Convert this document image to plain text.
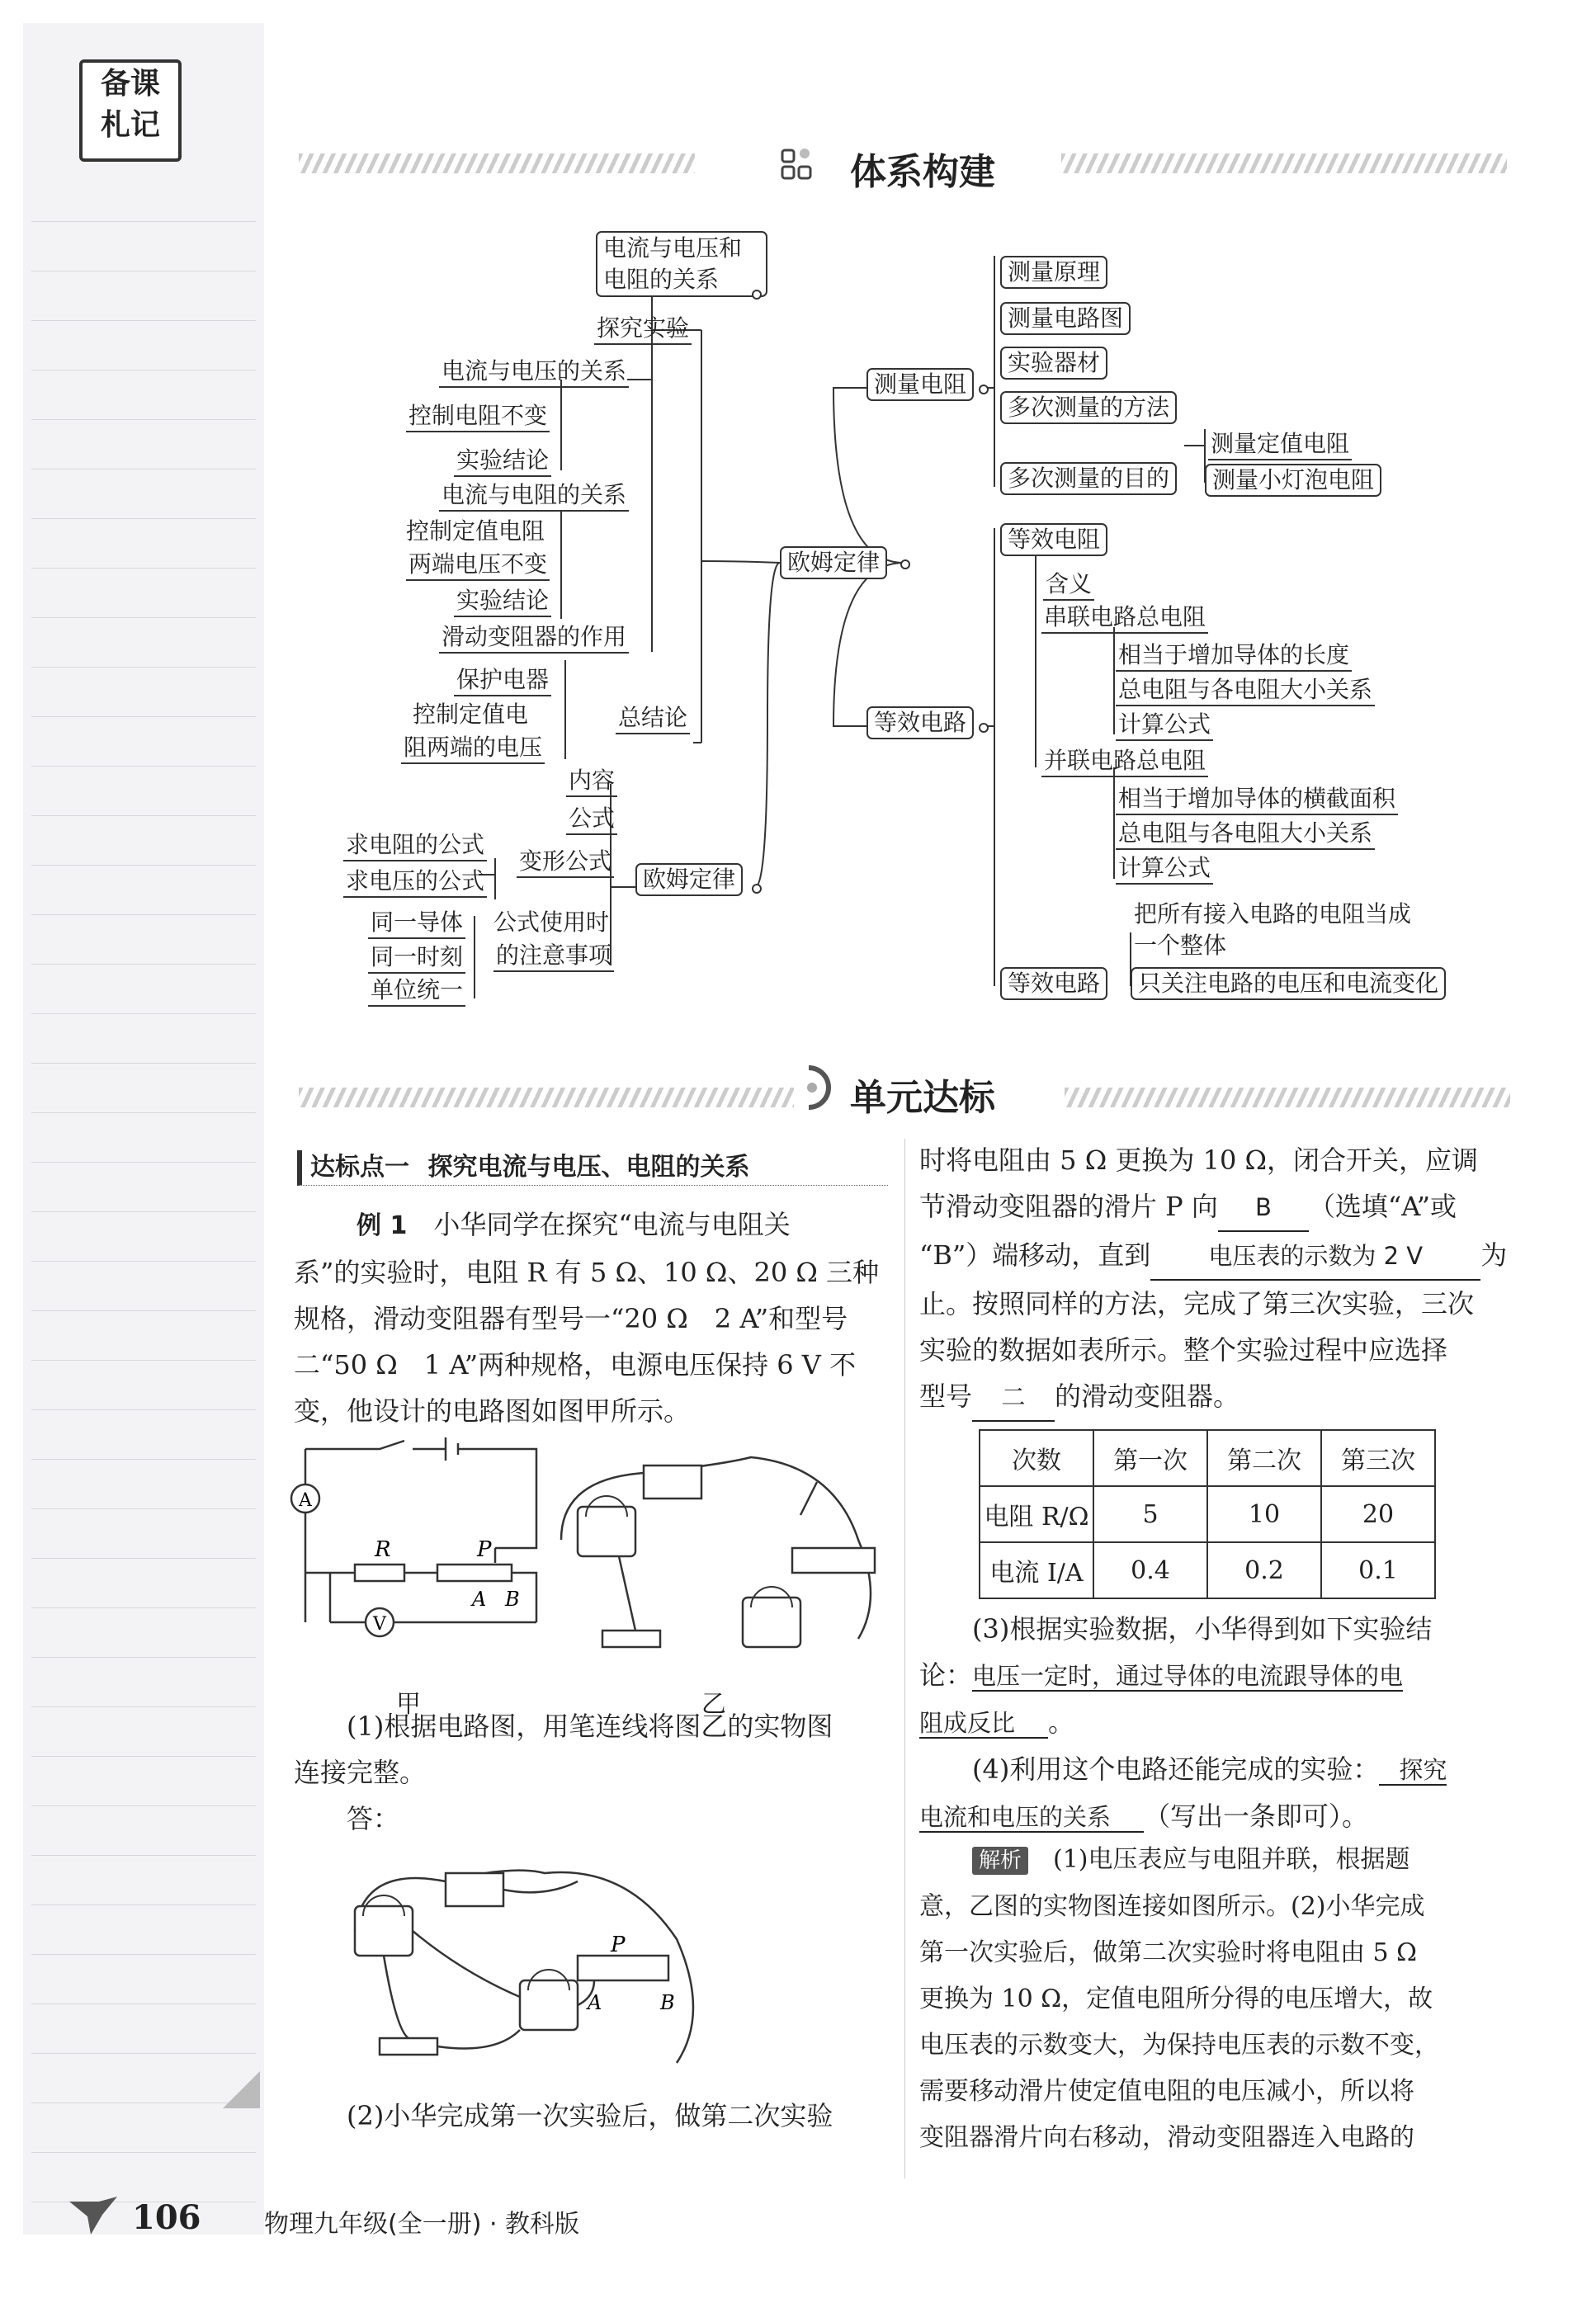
备课
札记
体系构建
电流与电压和电阻的关系
探究实验
电流与电压的关系
控制电阻不变
实验结论
电流与电阻的关系
控制定值电阻
两端电压不变
实验结论
滑动变阻器的作用
保护电器
控制定值电
阻两端的电压
总结论
欧姆定律
内容
公式
变形公式
欧姆定律
求电阻的公式
求电压的公式
同一导体
同一时刻
单位统一
公式使用时
的注意事项
测量电阻
测量原理
测量电路图
实验器材
多次测量的方法
多次测量的目的
测量定值电阻
测量小灯泡电阻
等效电路
等效电阻
含义
串联电路总电阻
相当于增加导体的长度
总电阻与各电阻大小关系
计算公式
并联电路总电阻
相当于增加导体的横截面积
总电阻与各电阻大小关系
计算公式
把所有接入电路的电阻当成
一个整体
等效电路	只关注电路的电压和电流变化
单元达标
达标点一 探究电流与电压、电阻的关系

例 1　 小华同学在探究“电流与电阻关

系”的实验时，电阻 R 有 5 Ω、10 Ω、20 Ω 三种

规格，滑动变阻器有型号一“20 Ω　2 A”和型号

二“50 Ω　1 A”两种规格，电源电压保持 6 V 不

变，他设计的电路图如图甲所示。

A
V
R	P
A B
甲	乙

(1)根据电路图，用笔连线将图乙的实物图

连接完整。

答：

P
A	B
(2)小华完成第一次实验后，做第二次实验

时将电阻由 5 Ω 更换为 10 Ω，闭合开关，应调

节滑动变阻器的滑片 P 向 B （选填“A”或

“B”）端移动，直到 电压表的示数为 2 V 为

止。按照同样的方法，完成了第三次实验，三次

实验的数据如表所示。整个实验过程中应选择

型号 二 的滑动变阻器。

次数	第一次	第二次	第三次
电阻 R/Ω	5	10	20
电流 I/A	0.4	0.2	0.1

(3)根据实验数据，小华得到如下实验结

论：电压一定时，通过导体的电流跟导体的电

阻成反比 。

(4)利用这个电路还能完成的实验： 探究

电流和电压的关系 （写出一条即可）。

解析　 (1)电压表应与电阻并联，根据题

意，乙图的实物图连接如图所示。(2)小华完成

第一次实验后，做第二次实验时将电阻由 5 Ω

更换为 10 Ω，定值电阻所分得的电压增大，故

电压表的示数变大，为保持电压表的示数不变，

需要移动滑片使定值电阻的电压减小，所以将

变阻器滑片向右移动，滑动变阻器连入电路的

106	物理九年级(全一册) · 教科版
